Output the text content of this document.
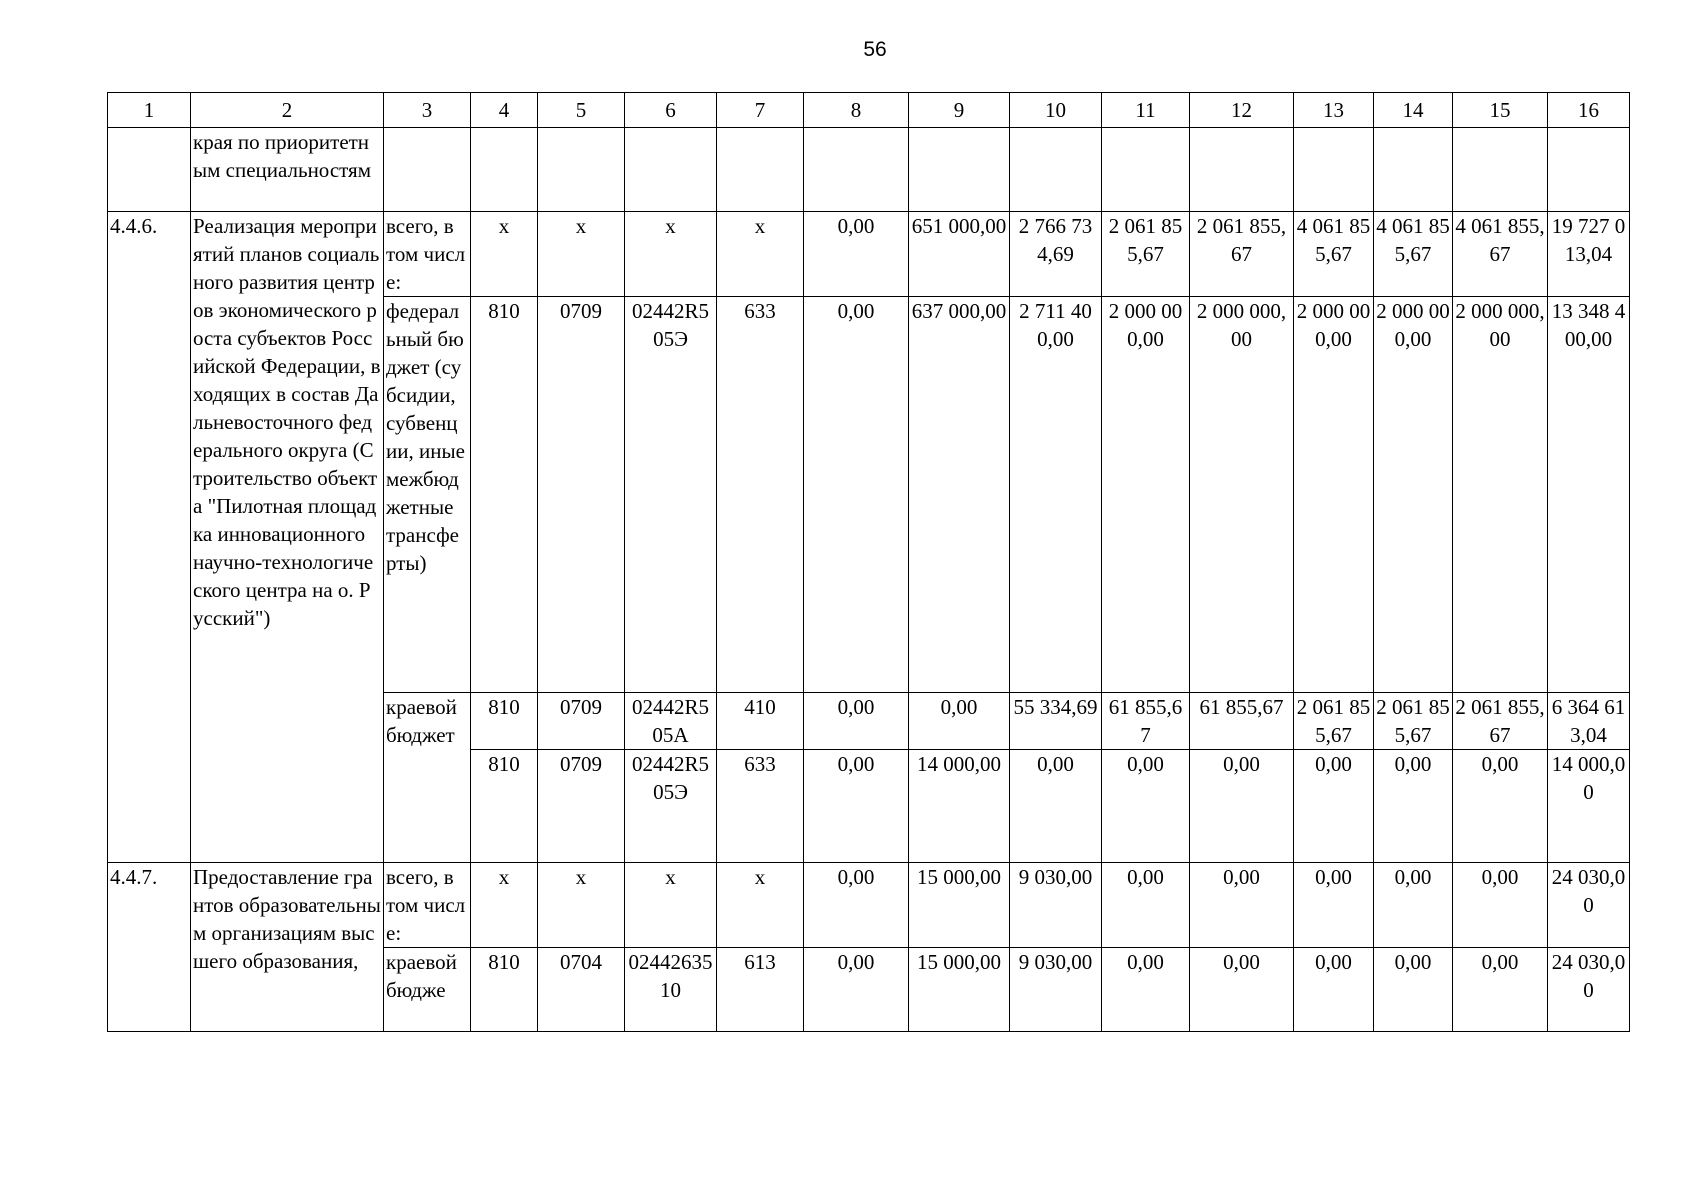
56
1	2	3	4	5	6	7	8	9	10	11	12	13	14	15	16
	края по приоритетным специальностям														
4.4.6.	Реализация мероприятий планов социального развития центров экономического роста субъектов Российской Федерации, входящих в состав Дальневосточного федерального округа (Строительство объекта "Пилотная площадка инновационного научно-технологического центра на о. Русский")	всего, в том числе:	х	х	х	х	0,00	651 000,00	2 766 734,69	2 061 855,67	2 061 855,67	4 061 855,67	4 061 855,67	4 061 855,67	19 727 013,04
		федеральный бюджет (субсидии, субвенции, иные межбюджетные трансферты)	810	0709	02442R505Э	633	0,00	637 000,00	2 711 400,00	2 000 000,00	2 000 000,00	2 000 000,00	2 000 000,00	2 000 000,00	13 348 400,00
		краевой бюджет	810	0709	02442R505А	410	0,00	0,00	55 334,69	61 855,67	61 855,67	2 061 855,67	2 061 855,67	2 061 855,67	6 364 613,04
			810	0709	02442R505Э	633	0,00	14 000,00	0,00	0,00	0,00	0,00	0,00	0,00	14 000,00
4.4.7.	Предоставление грантов образовательным организациям высшего образования,	всего, в том числе:	х	х	х	х	0,00	15 000,00	9 030,00	0,00	0,00	0,00	0,00	0,00	24 030,00
		краевой бюдже	810	0704	0244263510	613	0,00	15 000,00	9 030,00	0,00	0,00	0,00	0,00	0,00	24 030,00
